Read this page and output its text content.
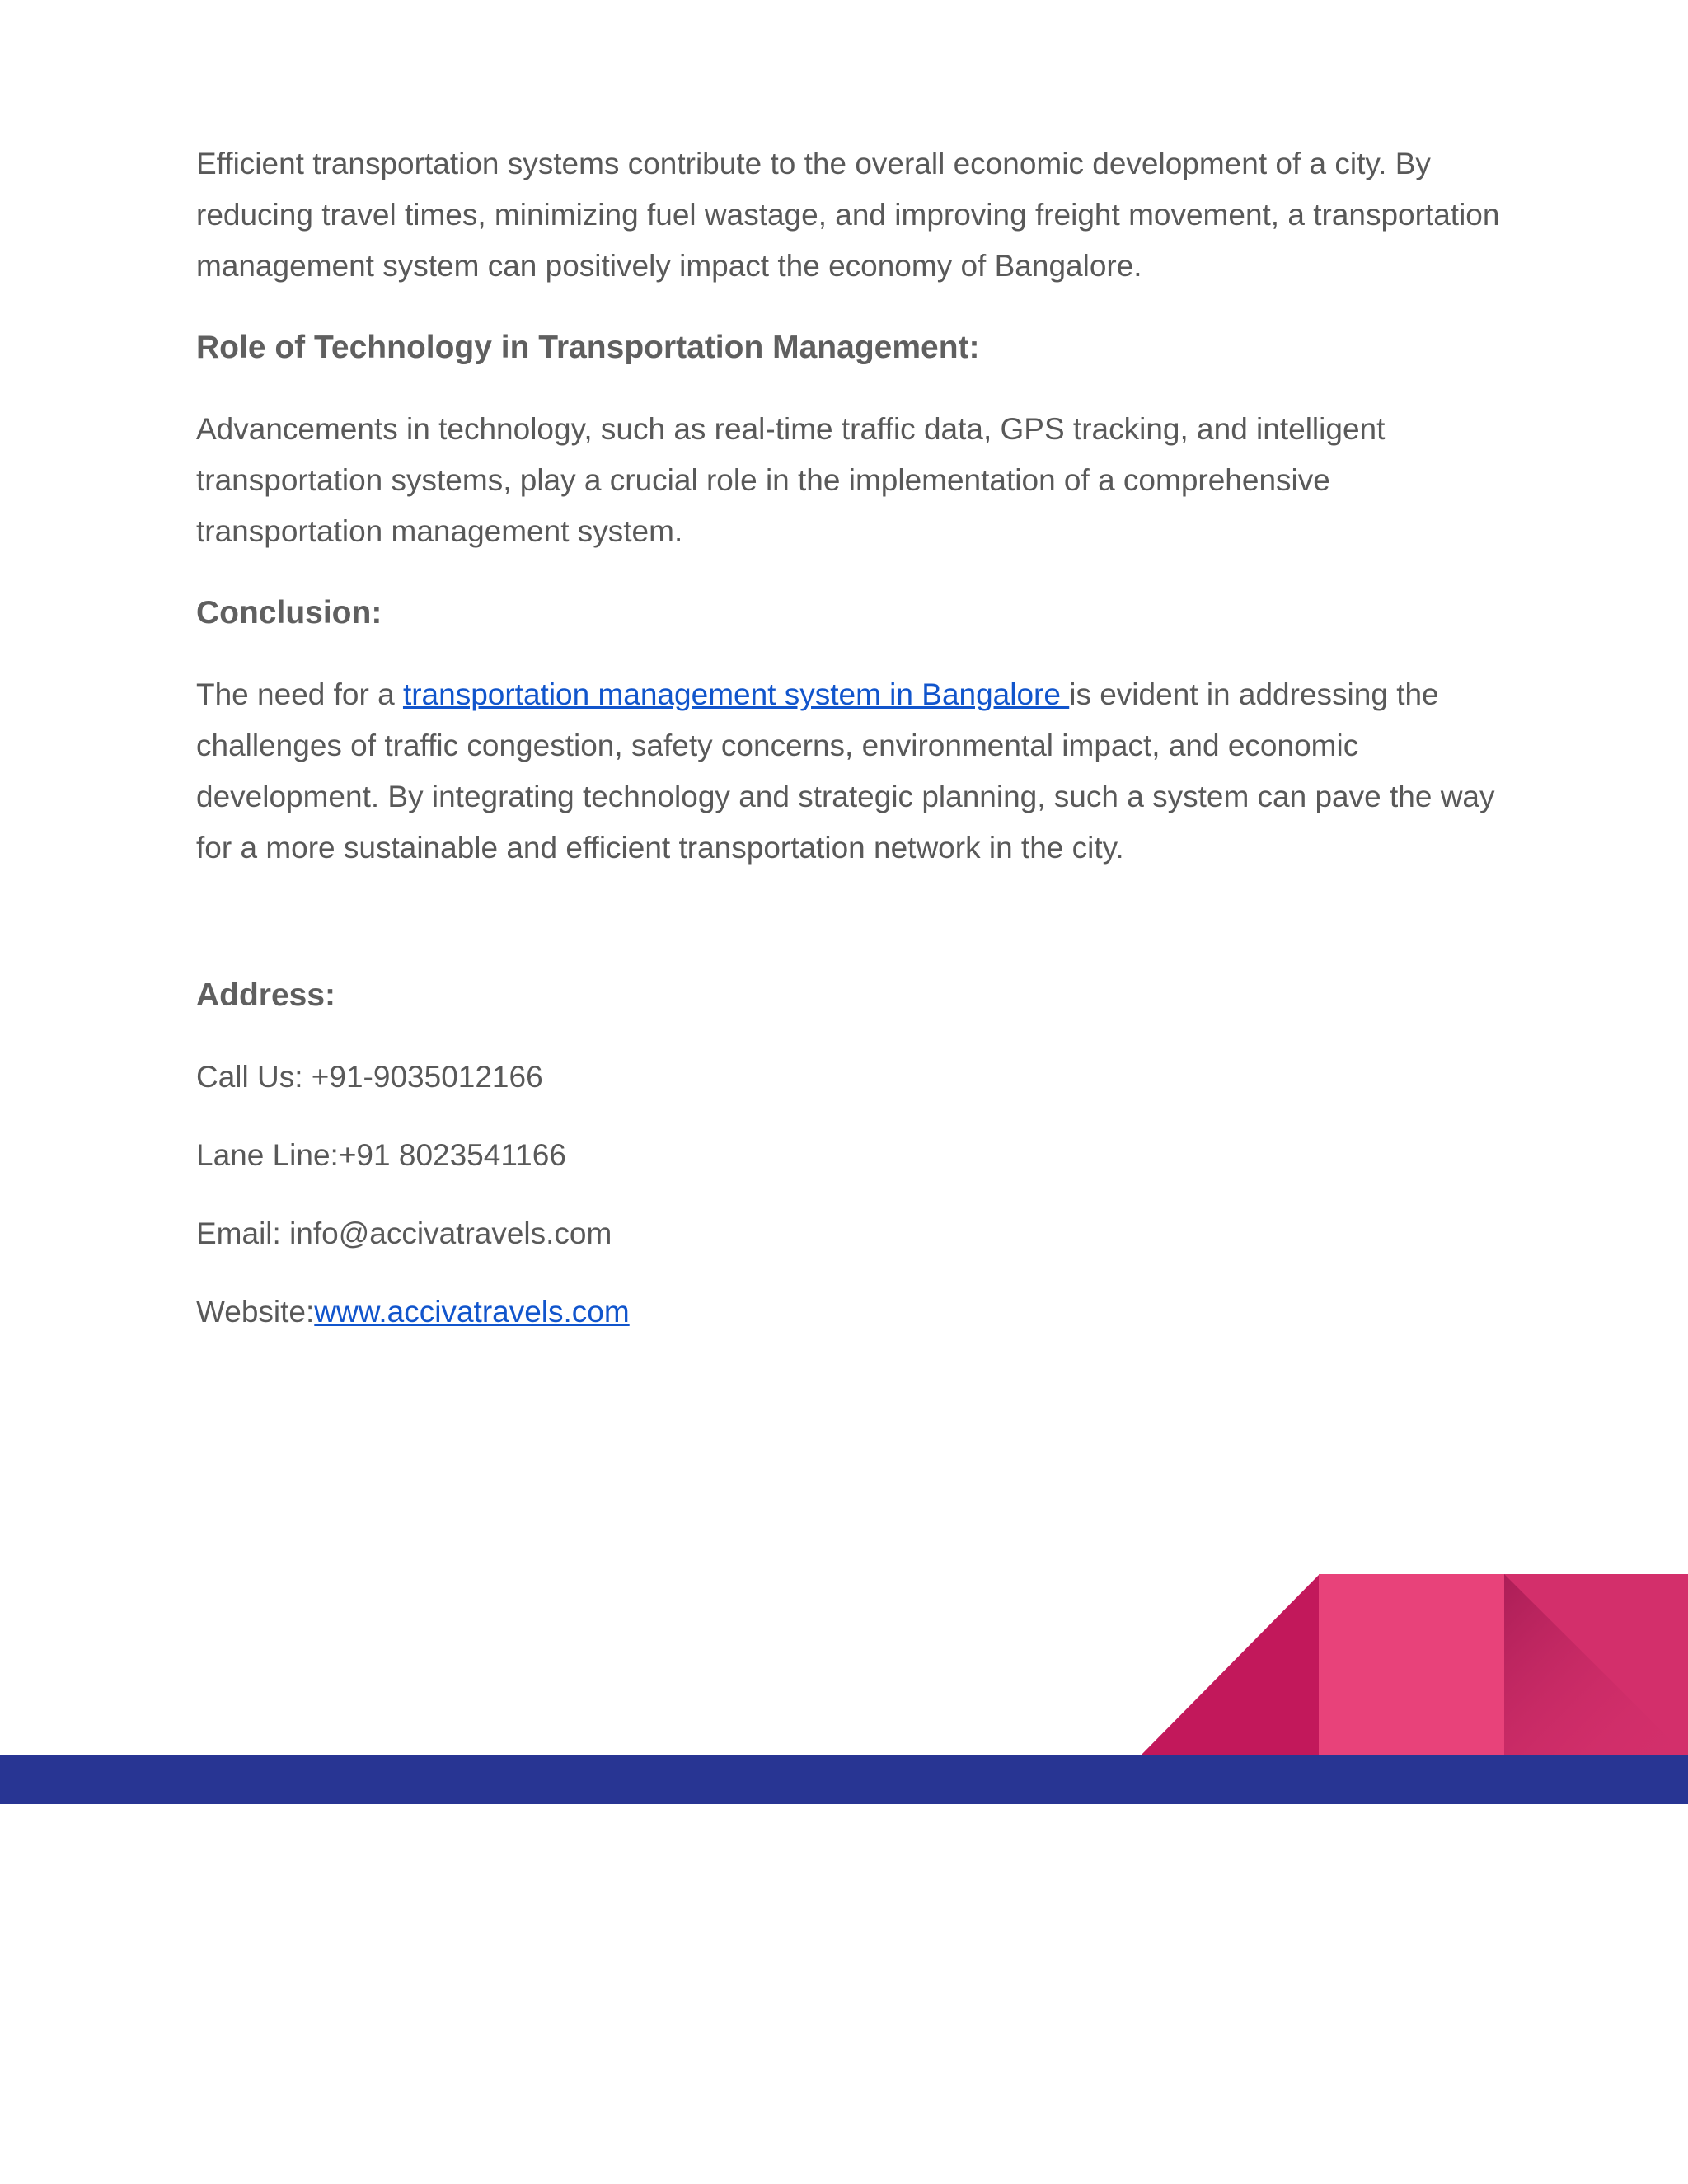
Efficient transportation systems contribute to the overall economic development of a city. By reducing travel times, minimizing fuel wastage, and improving freight movement, a transportation management system can positively impact the economy of Bangalore.

Role of Technology in Transportation Management:

Advancements in technology, such as real-time traffic data, GPS tracking, and intelligent transportation systems, play a crucial role in the implementation of a comprehensive transportation management system.

Conclusion:

The need for a transportation management system in Bangalore is evident in addressing the challenges of traffic congestion, safety concerns, environmental impact, and economic development. By integrating technology and strategic planning, such a system can pave the way for a more sustainable and efficient transportation network in the city.

Address:

Call Us: +91-9035012166

Lane Line:+91 8023541166

Email: info@accivatravels.com

Website:www.accivatravels.com
